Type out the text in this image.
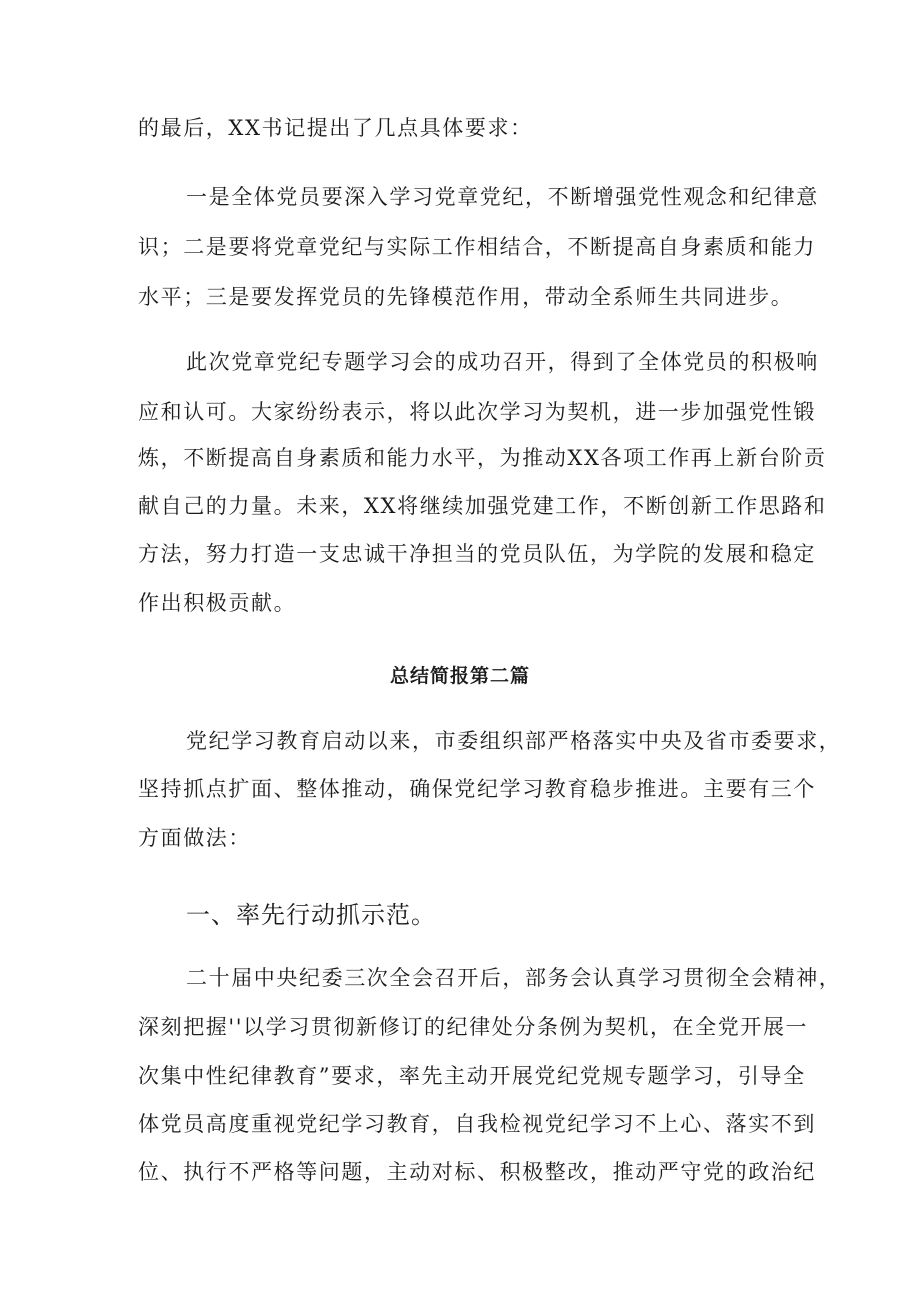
的最后，XX书记提出了几点具体要求：
一是全体党员要深入学习党章党纪，不断增强党性观念和纪律意
识；二是要将党章党纪与实际工作相结合，不断提高自身素质和能力
水平；三是要发挥党员的先锋模范作用，带动全系师生共同进步。
此次党章党纪专题学习会的成功召开，得到了全体党员的积极响
应和认可。大家纷纷表示，将以此次学习为契机，进一步加强党性锻
炼，不断提高自身素质和能力水平，为推动XX各项工作再上新台阶贡
献自己的力量。未来，XX将继续加强党建工作，不断创新工作思路和
方法，努力打造一支忠诚干净担当的党员队伍，为学院的发展和稳定
作出积极贡献。
总结简报第二篇
党纪学习教育启动以来，市委组织部严格落实中央及省市委要求，
坚持抓点扩面、整体推动，确保党纪学习教育稳步推进。主要有三个
方面做法：
一、率先行动抓示范。
二十届中央纪委三次全会召开后，部务会认真学习贯彻全会精神，
深刻把握''以学习贯彻新修订的纪律处分条例为契机，在全党开展一
次集中性纪律教育”要求，率先主动开展党纪党规专题学习，引导全
体党员高度重视党纪学习教育，自我检视党纪学习不上心、落实不到
位、执行不严格等问题，主动对标、积极整改，推动严守党的政治纪
